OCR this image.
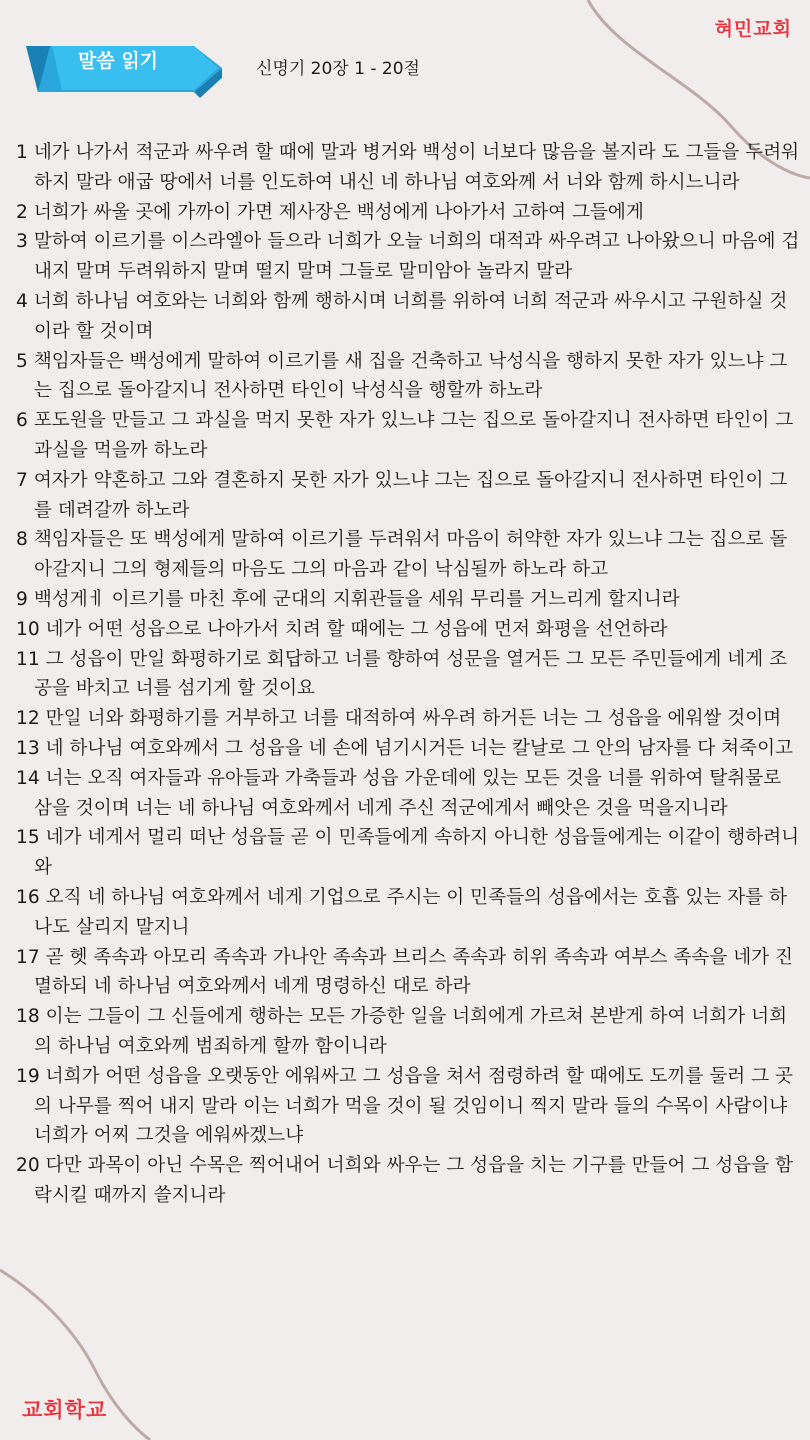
혀민교회
말씀 읽기	신명기 20장 1 - 20절

1 네가 나가서 적군과 싸우려 할 때에 말과 병거와 백성이 너보다 많음을 볼지라 도 그들을 두려워하지 말라 애굽 땅에서 너를 인도하여 내신 네 하나님 여호와께 서 너와 함께 하시느니라

2 너희가 싸울 곳에 가까이 가면 제사장은 백성에게 나아가서 고하여 그들에게

3 말하여 이르기를 이스라엘아 들으라 너희가 오늘 너희의 대적과 싸우려고 나아왔으니 마음에 겁내지 말며 두려워하지 말며 떨지 말며 그들로 말미암아 놀라지 말라

4 너희 하나님 여호와는 너희와 함께 행하시며 너희를 위하여 너희 적군과 싸우시고 구원하실 것이라 할 것이며

5 책임자들은 백성에게 말하여 이르기를 새 집을 건축하고 낙성식을 행하지 못한 자가 있느냐 그는 집으로 돌아갈지니 전사하면 타인이 낙성식을 행할까 하노라

6 포도원을 만들고 그 과실을 먹지 못한 자가 있느냐 그는 집으로 돌아갈지니 전사하면 타인이 그 과실을 먹을까 하노라

7 여자가 약혼하고 그와 결혼하지 못한 자가 있느냐 그는 집으로 돌아갈지니 전사하면 타인이 그를 데려갈까 하노라

8 책임자들은 또 백성에게 말하여 이르기를 두려워서 마음이 허약한 자가 있느냐 그는 집으로 돌아갈지니 그의 형제들의 마음도 그의 마음과 같이 낙심될까 하노라 하고

9 백성게ㅔ 이르기를 마친 후에 군대의 지휘관들을 세워 무리를 거느리게 할지니라

10 네가 어떤 성읍으로 나아가서 치려 할 때에는 그 성읍에 먼저 화평을 선언하라

11 그 성읍이 만일 화평하기로 회답하고 너를 향하여 성문을 열거든 그 모든 주민들에게 네게 조공을 바치고 너를 섬기게 할 것이요

12 만일 너와 화평하기를 거부하고 너를 대적하여 싸우려 하거든 너는 그 성읍을 에워쌀 것이며

13 네 하나님 여호와께서 그 성읍을 네 손에 넘기시거든 너는 칼날로 그 안의 남자를 다 쳐죽이고

14 너는 오직 여자들과 유아들과 가축들과 성읍 가운데에 있는 모든 것을 너를 위하여 탈취물로 삼을 것이며 너는 네 하나님 여호와께서 네게 주신 적군에게서 빼앗은 것을 먹을지니라

15 네가 네게서 멀리 떠난 성읍들 곧 이 민족들에게 속하지 아니한 성읍들에게는 이같이 행하려니와

16 오직 네 하나님 여호와께서 네게 기업으로 주시는 이 민족들의 성읍에서는 호흡 있는 자를 하나도 살리지 말지니

17 곧 헷 족속과 아모리 족속과 가나안 족속과 브리스 족속과 히위 족속과 여부스 족속을 네가 진멸하되 네 하나님 여호와께서 네게 명령하신 대로 하라

18 이는 그들이 그 신들에게 행하는 모든 가증한 일을 너희에게 가르쳐 본받게 하여 너희가 너희의 하나님 여호와께 범죄하게 할까 함이니라

19 너희가 어떤 성읍을 오랫동안 에워싸고 그 성읍을 쳐서 점령하려 할 때에도 도끼를 둘러 그 곳의 나무를 찍어 내지 말라 이는 너희가 먹을 것이 될 것임이니 찍지 말라 들의 수목이 사람이냐 너희가 어찌 그것을 에워싸겠느냐

20 다만 과목이 아닌 수목은 찍어내어 너희와 싸우는 그 성읍을 치는 기구를 만들어 그 성읍을 함락시킬 때까지 쓸지니라

교회학교
